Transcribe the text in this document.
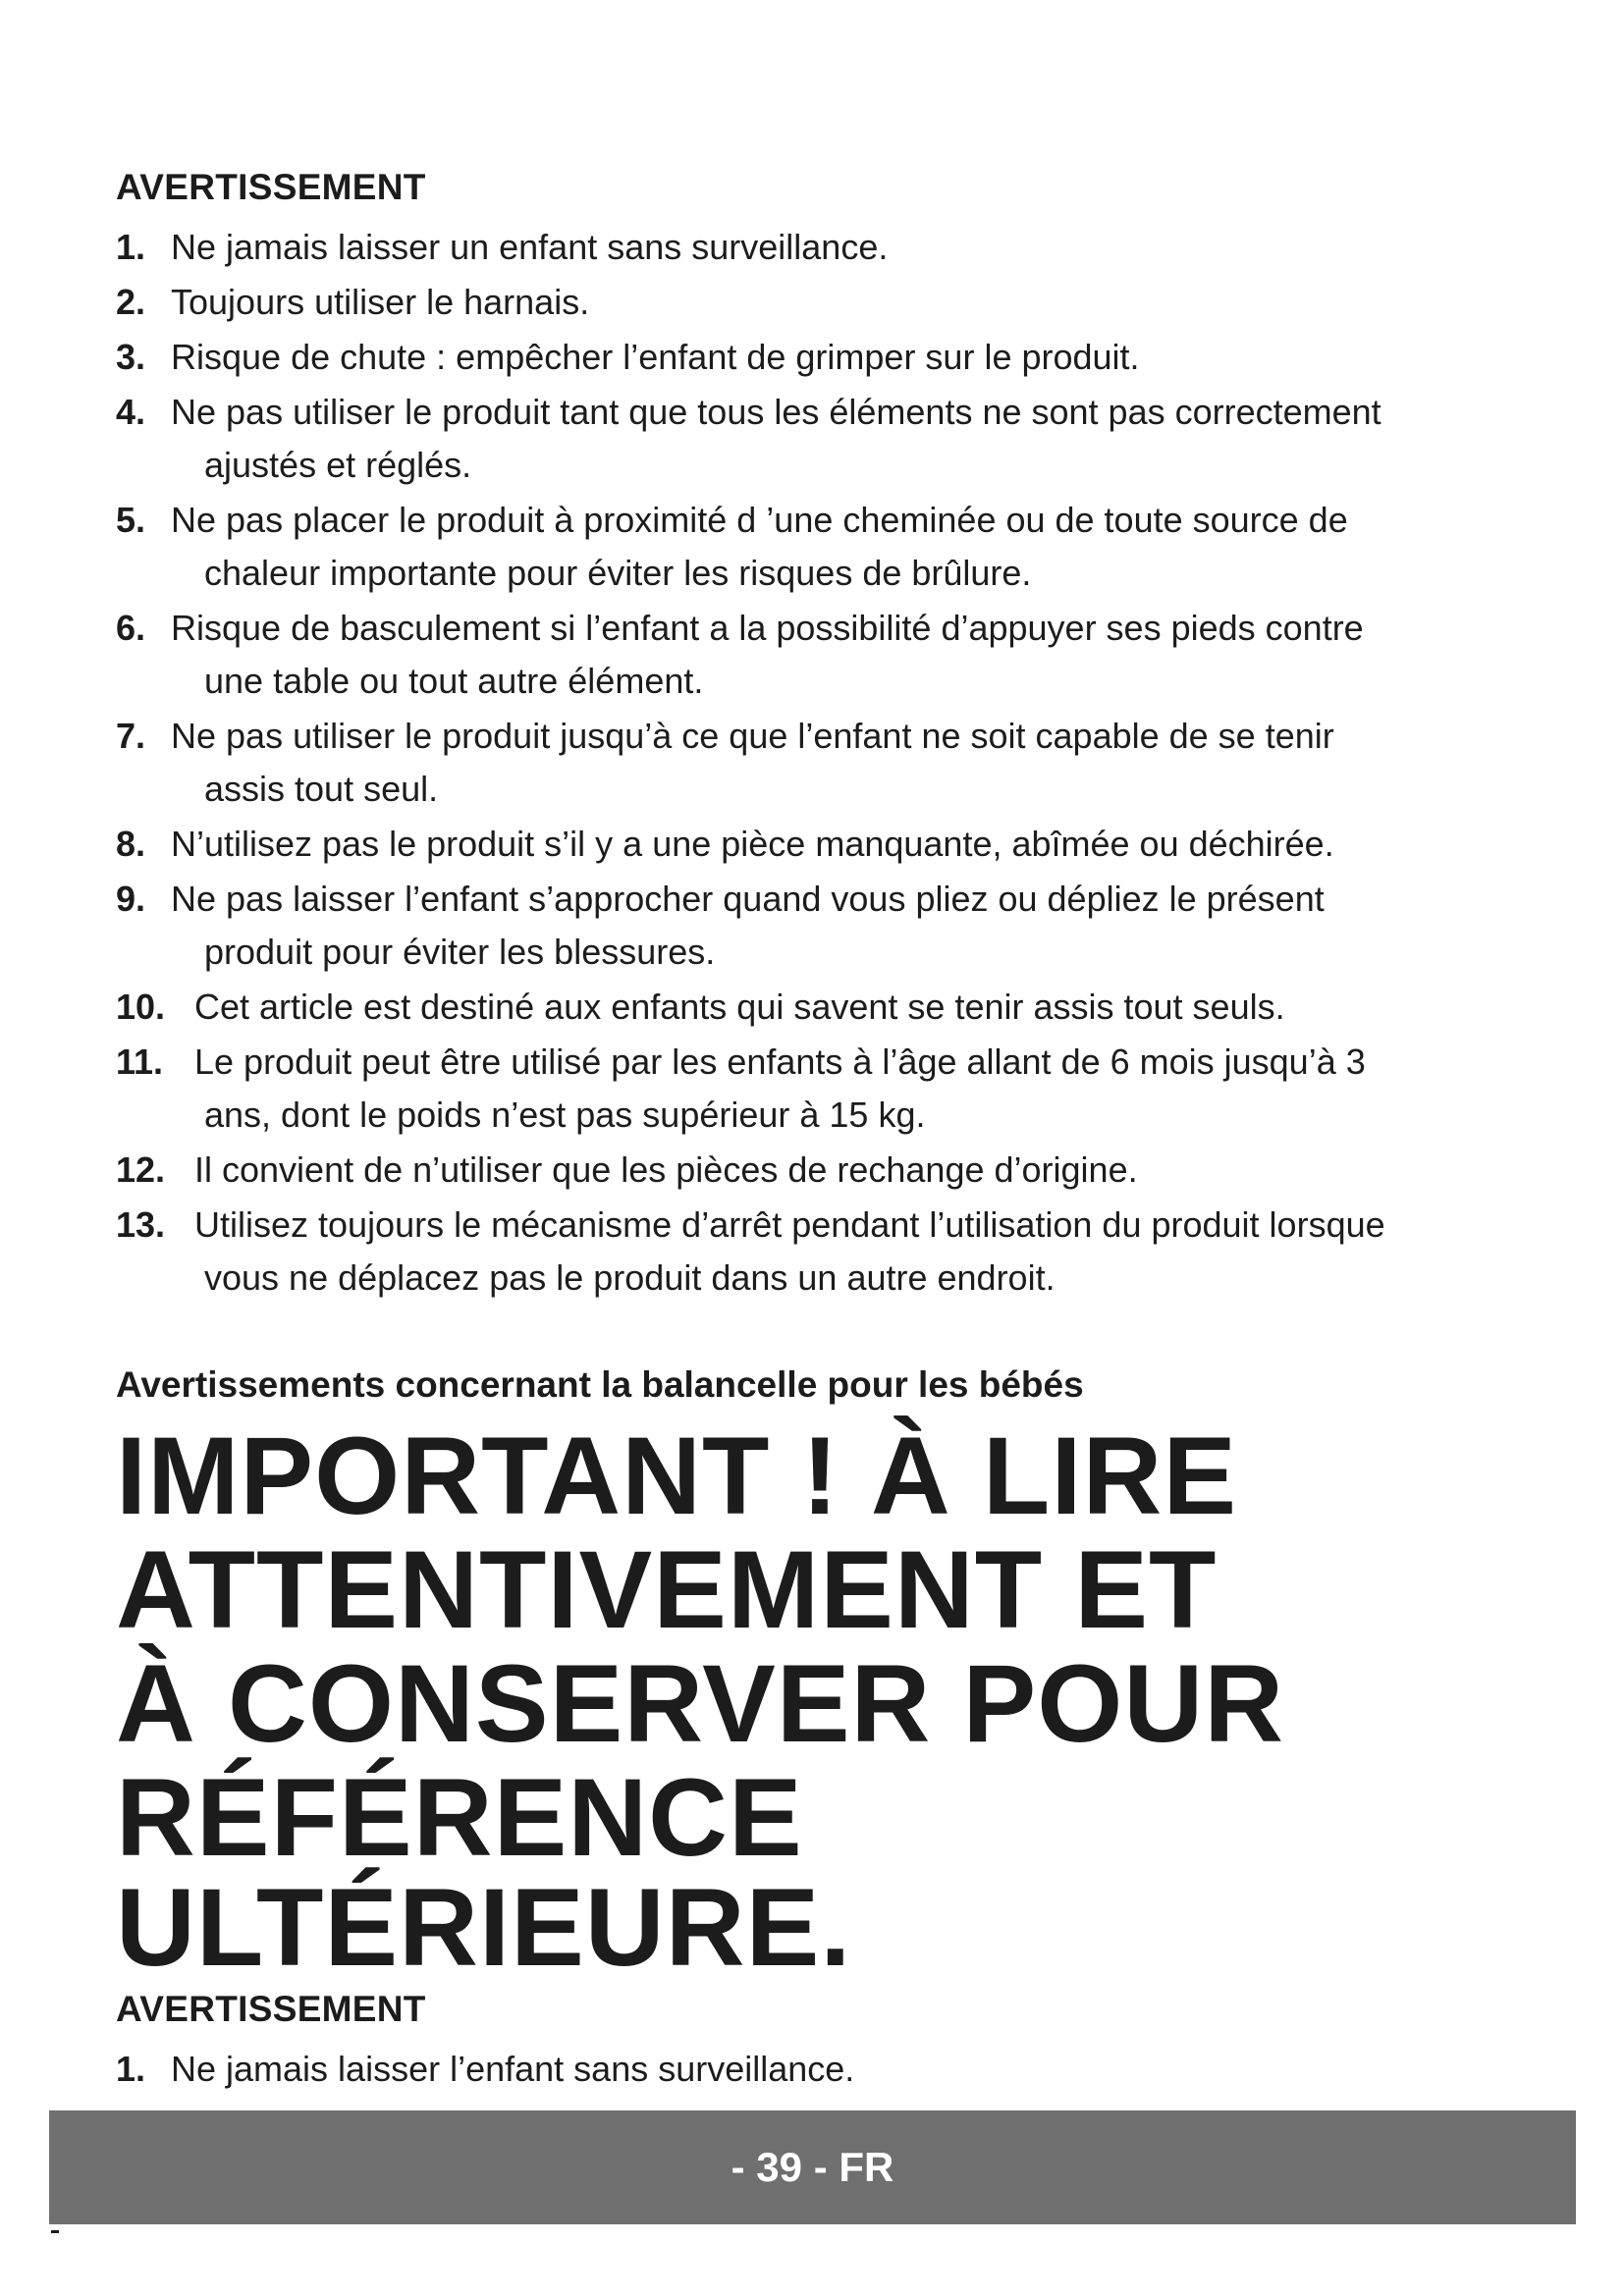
AVERTISSEMENT
1. Ne jamais laisser un enfant sans surveillance.
2. Toujours utiliser le harnais.
3. Risque de chute : empêcher l’enfant de grimper sur le produit.
4. Ne pas utiliser le produit tant que tous les éléments ne sont pas correctement
ajustés et réglés.
5. Ne pas placer le produit à proximité d ’une cheminée ou de toute source de
chaleur importante pour éviter les risques de brûlure.
6. Risque de basculement si l’enfant a la possibilité d’appuyer ses pieds contre
une table ou tout autre élément.
7. Ne pas utiliser le produit jusqu’à ce que l’enfant ne soit capable de se tenir
assis tout seul.
8. N’utilisez pas le produit s’il y a une pièce manquante, abîmée ou déchirée.
9. Ne pas laisser l’enfant s’approcher quand vous pliez ou dépliez le présent
produit pour éviter les blessures.
10. Cet article est destiné aux enfants qui savent se tenir assis tout seuls.
11. Le produit peut être utilisé par les enfants à l’âge allant de 6 mois jusqu’à 3
ans, dont le poids n’est pas supérieur à 15 kg.
12. Il convient de n’utiliser que les pièces de rechange d’origine.
13. Utilisez toujours le mécanisme d’arrêt pendant l’utilisation du produit lorsque
vous ne déplacez pas le produit dans un autre endroit.
Avertissements concernant la balancelle pour les bébés
IMPORTANT ! À LIRE
ATTENTIVEMENT ET
À CONSERVER POUR
RÉFÉRENCE ULTÉRIEURE.
AVERTISSEMENT
1. Ne jamais laisser l’enfant sans surveillance.
- 39 - FR
